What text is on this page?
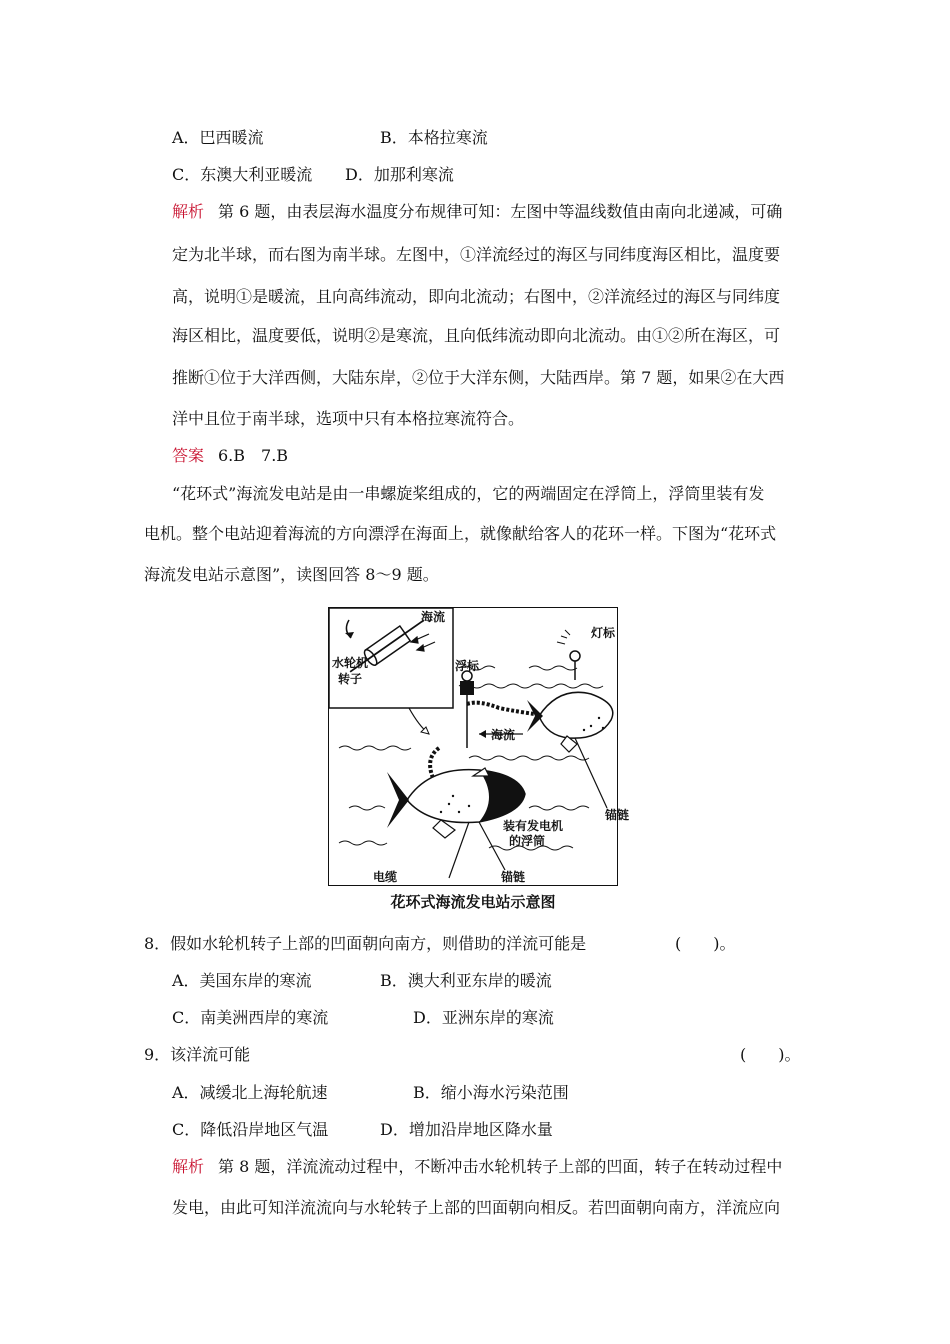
A．巴西暖流	B．本格拉寒流
C．东澳大利亚暖流 D．加那利寒流
解析 第 6 题，由表层海水温度分布规律可知：左图中等温线数值由南向北递减，可确
定为北半球，而右图为南半球。左图中，①洋流经过的海区与同纬度海区相比，温度要
高，说明①是暖流，且向高纬流动，即向北流动；右图中，②洋流经过的海区与同纬度
海区相比，温度要低，说明②是寒流，且向低纬流动即向北流动。由①②所在海区，可
推断①位于大洋西侧，大陆东岸，②位于大洋东侧，大陆西岸。第 7 题，如果②在大西
洋中且位于南半球，选项中只有本格拉寒流符合。
答案 6.B　7.B
“花环式”海流发电站是由一串螺旋桨组成的，它的两端固定在浮筒上，浮筒里装有发
电机。整个电站迎着海流的方向漂浮在海面上，就像献给客人的花环一样。下图为“花环式
海流发电站示意图”，读图回答 8～9 题。
海流
水轮机
转子
浮标
灯标
海流
装有发电机
的浮筒
锚链
电缆	锚链
花环式海流发电站示意图
8．假如水轮机转子上部的凹面朝向南方，则借助的洋流可能是	(　　)。
A．美国东岸的寒流	B．澳大利亚东岸的暖流
C．南美洲西岸的寒流	D．亚洲东岸的寒流
9．该洋流可能	(　　)。
A．减缓北上海轮航速	B．缩小海水污染范围
C．降低沿岸地区气温	D．增加沿岸地区降水量
解析 第 8 题，洋流流动过程中，不断冲击水轮机转子上部的凹面，转子在转动过程中
发电，由此可知洋流流向与水轮转子上部的凹面朝向相反。若凹面朝向南方，洋流应向
